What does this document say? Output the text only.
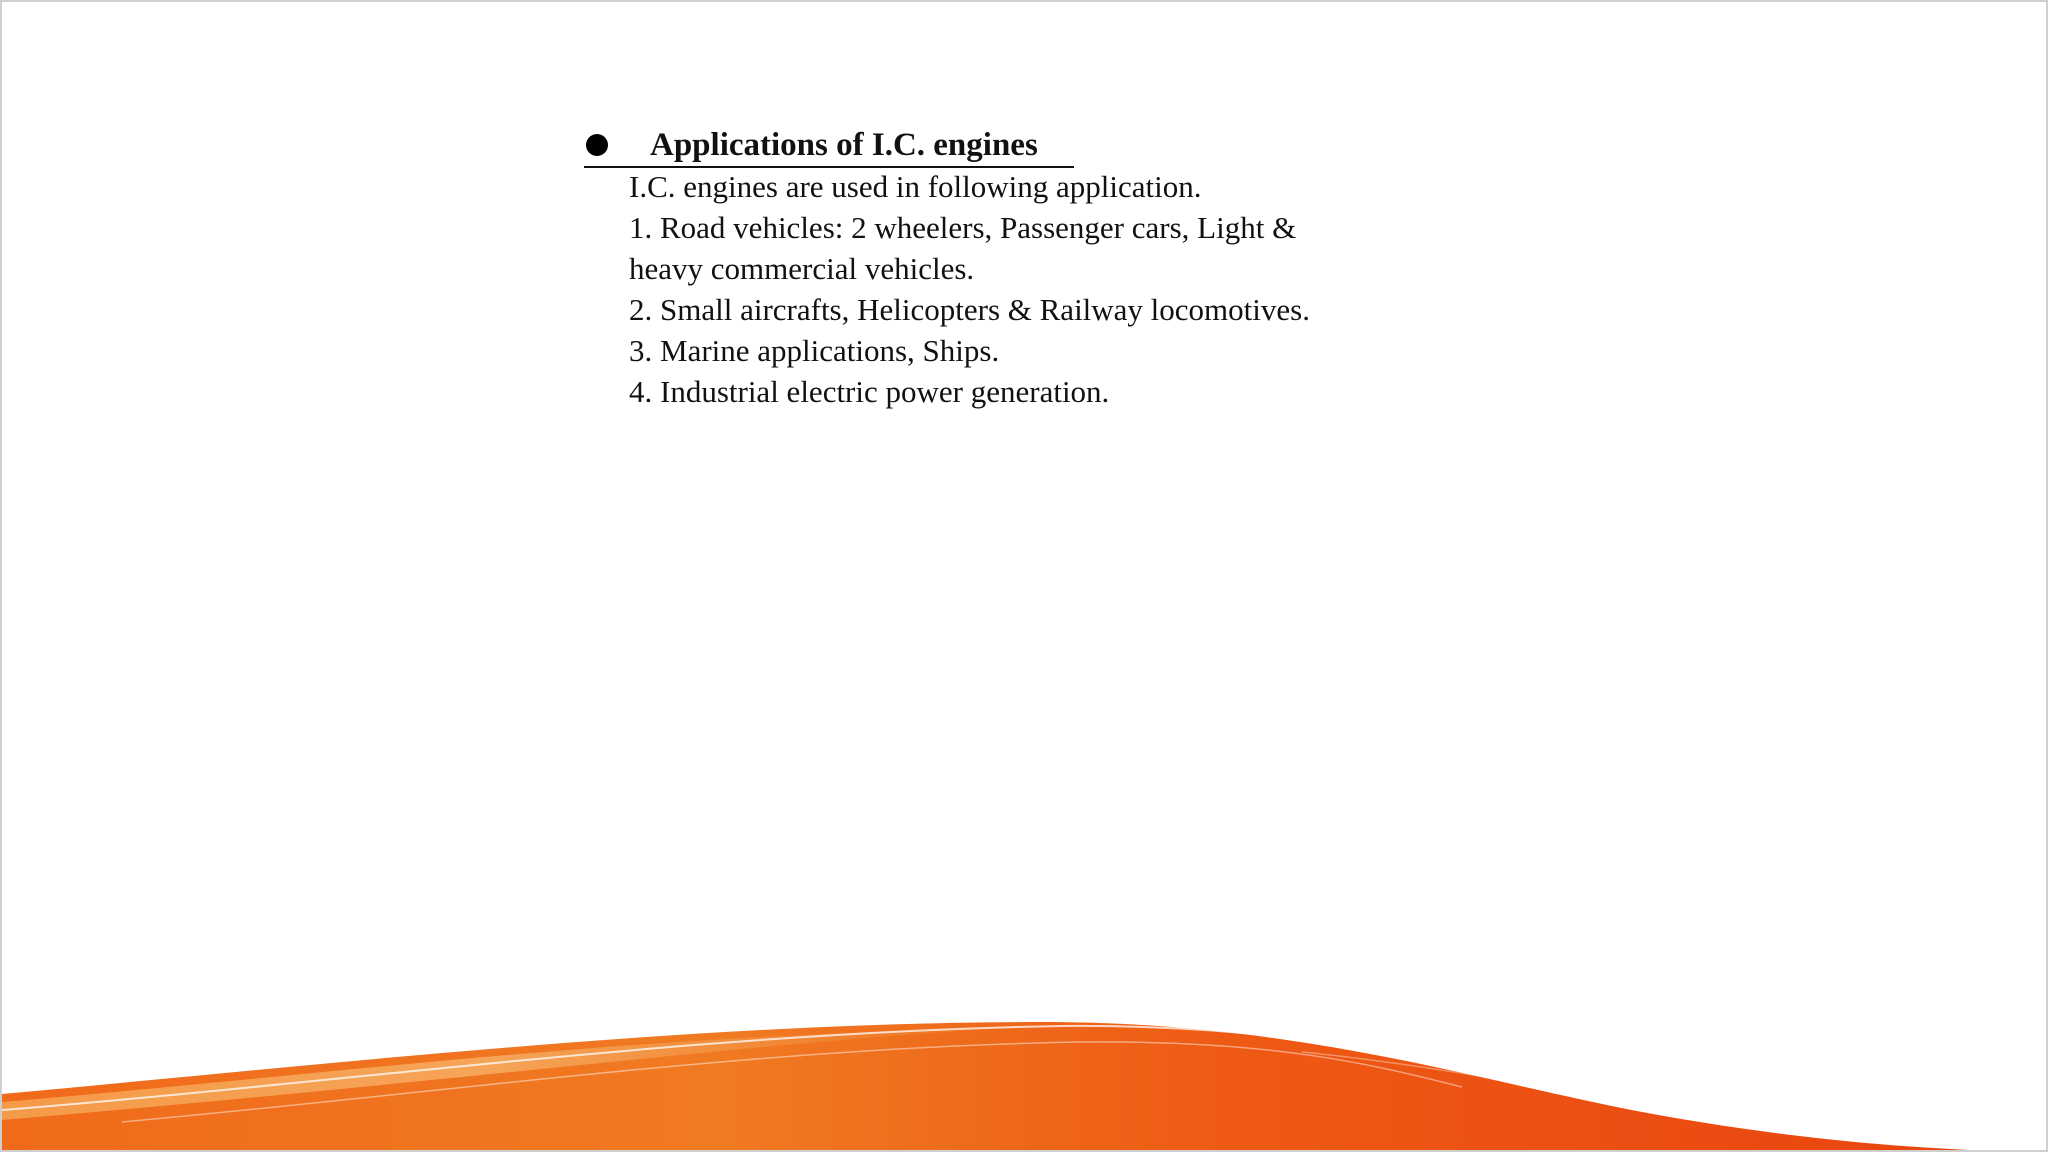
Applications of I.C. engines
I.C. engines are used in following application.
1. Road vehicles: 2 wheelers, Passenger cars, Light &
heavy commercial vehicles.
2. Small aircrafts, Helicopters & Railway locomotives.
3. Marine applications, Ships.
4. Industrial electric power generation.
